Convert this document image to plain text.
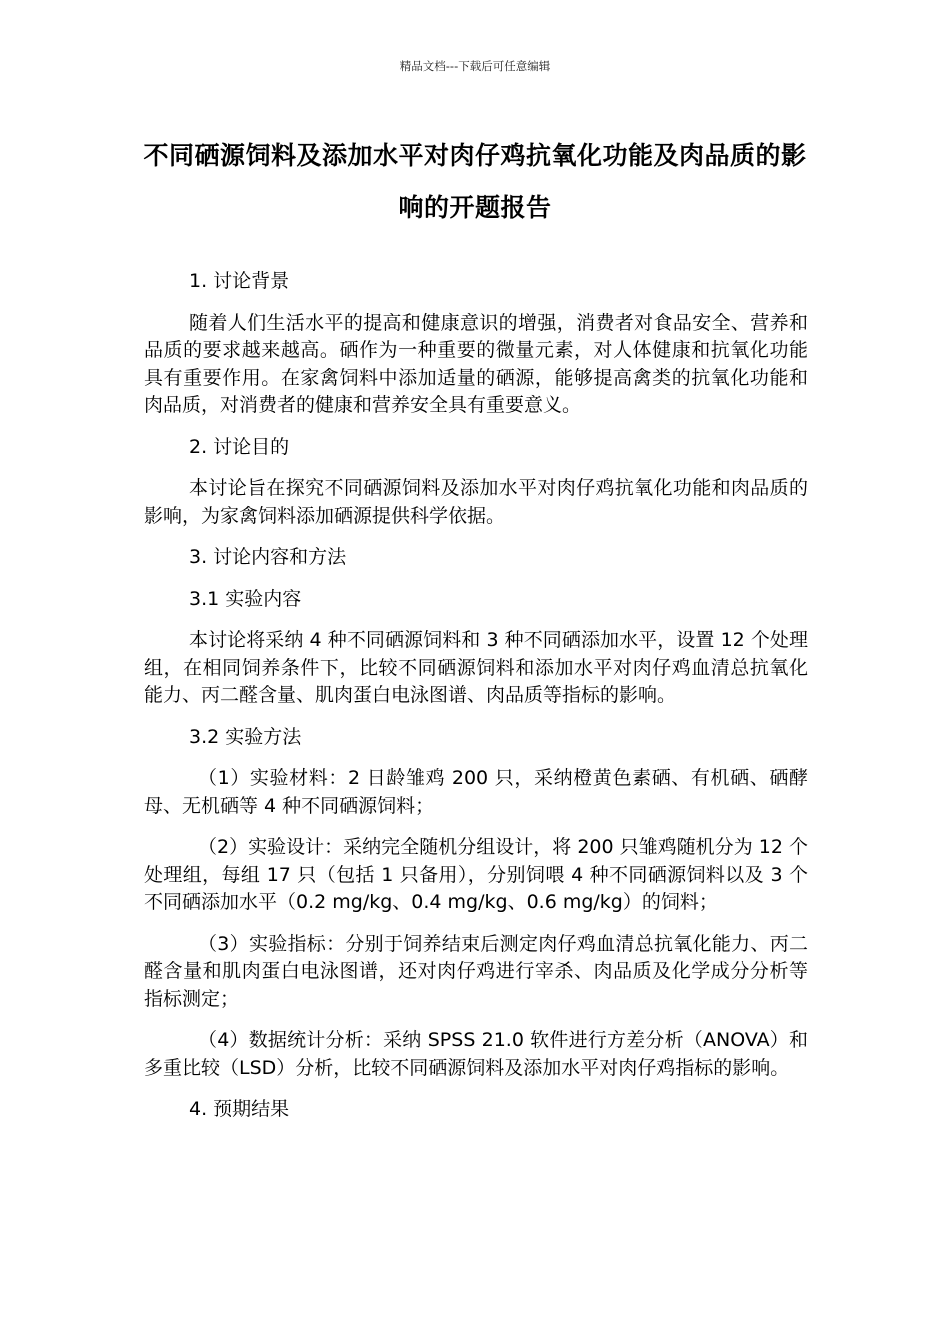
精品文档---下载后可任意编辑
不同硒源饲料及添加水平对肉仔鸡抗氧化功能及肉品质的影响的开题报告

1. 讨论背景

随着人们生活水平的提高和健康意识的增强，消费者对食品安全、营养和品质的要求越来越高。硒作为一种重要的微量元素，对人体健康和抗氧化功能具有重要作用。在家禽饲料中添加适量的硒源，能够提高禽类的抗氧化功能和肉品质，对消费者的健康和营养安全具有重要意义。

2. 讨论目的

本讨论旨在探究不同硒源饲料及添加水平对肉仔鸡抗氧化功能和肉品质的影响，为家禽饲料添加硒源提供科学依据。

3. 讨论内容和方法

3.1 实验内容

本讨论将采纳 4 种不同硒源饲料和 3 种不同硒添加水平，设置 12 个处理组，在相同饲养条件下，比较不同硒源饲料和添加水平对肉仔鸡血清总抗氧化能力、丙二醛含量、肌肉蛋白电泳图谱、肉品质等指标的影响。

3.2 实验方法

（1）实验材料：2 日龄雏鸡 200 只，采纳橙黄色素硒、有机硒、硒酵母、无机硒等 4 种不同硒源饲料；

（2）实验设计：采纳完全随机分组设计，将 200 只雏鸡随机分为 12 个处理组，每组 17 只（包括 1 只备用），分别饲喂 4 种不同硒源饲料以及 3 个不同硒添加水平（0.2 mg/kg、0.4 mg/kg、0.6 mg/kg）的饲料；

（3）实验指标：分别于饲养结束后测定肉仔鸡血清总抗氧化能力、丙二醛含量和肌肉蛋白电泳图谱，还对肉仔鸡进行宰杀、肉品质及化学成分分析等指标测定；

（4）数据统计分析：采纳 SPSS 21.0 软件进行方差分析（ANOVA）和多重比较（LSD）分析，比较不同硒源饲料及添加水平对肉仔鸡指标的影响。

4. 预期结果
